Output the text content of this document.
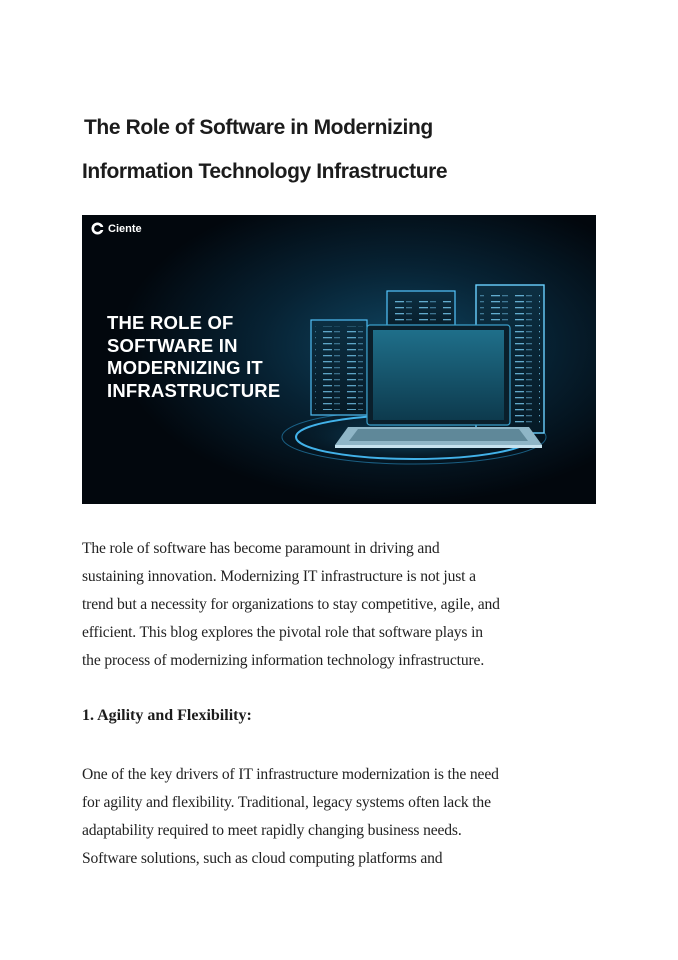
The Role of Software in Modernizing
Information Technology Infrastructure
Ciente
THE ROLE OF
SOFTWARE IN
MODERNIZING IT
INFRASTRUCTURE

The role of software has become paramount in driving and
sustaining innovation. Modernizing IT infrastructure is not just a
trend but a necessity for organizations to stay competitive, agile, and
efficient. This blog explores the pivotal role that software plays in
the process of modernizing information technology infrastructure.

1. Agility and Flexibility:

One of the key drivers of IT infrastructure modernization is the need
for agility and flexibility. Traditional, legacy systems often lack the
adaptability required to meet rapidly changing business needs.
Software solutions, such as cloud computing platforms and
